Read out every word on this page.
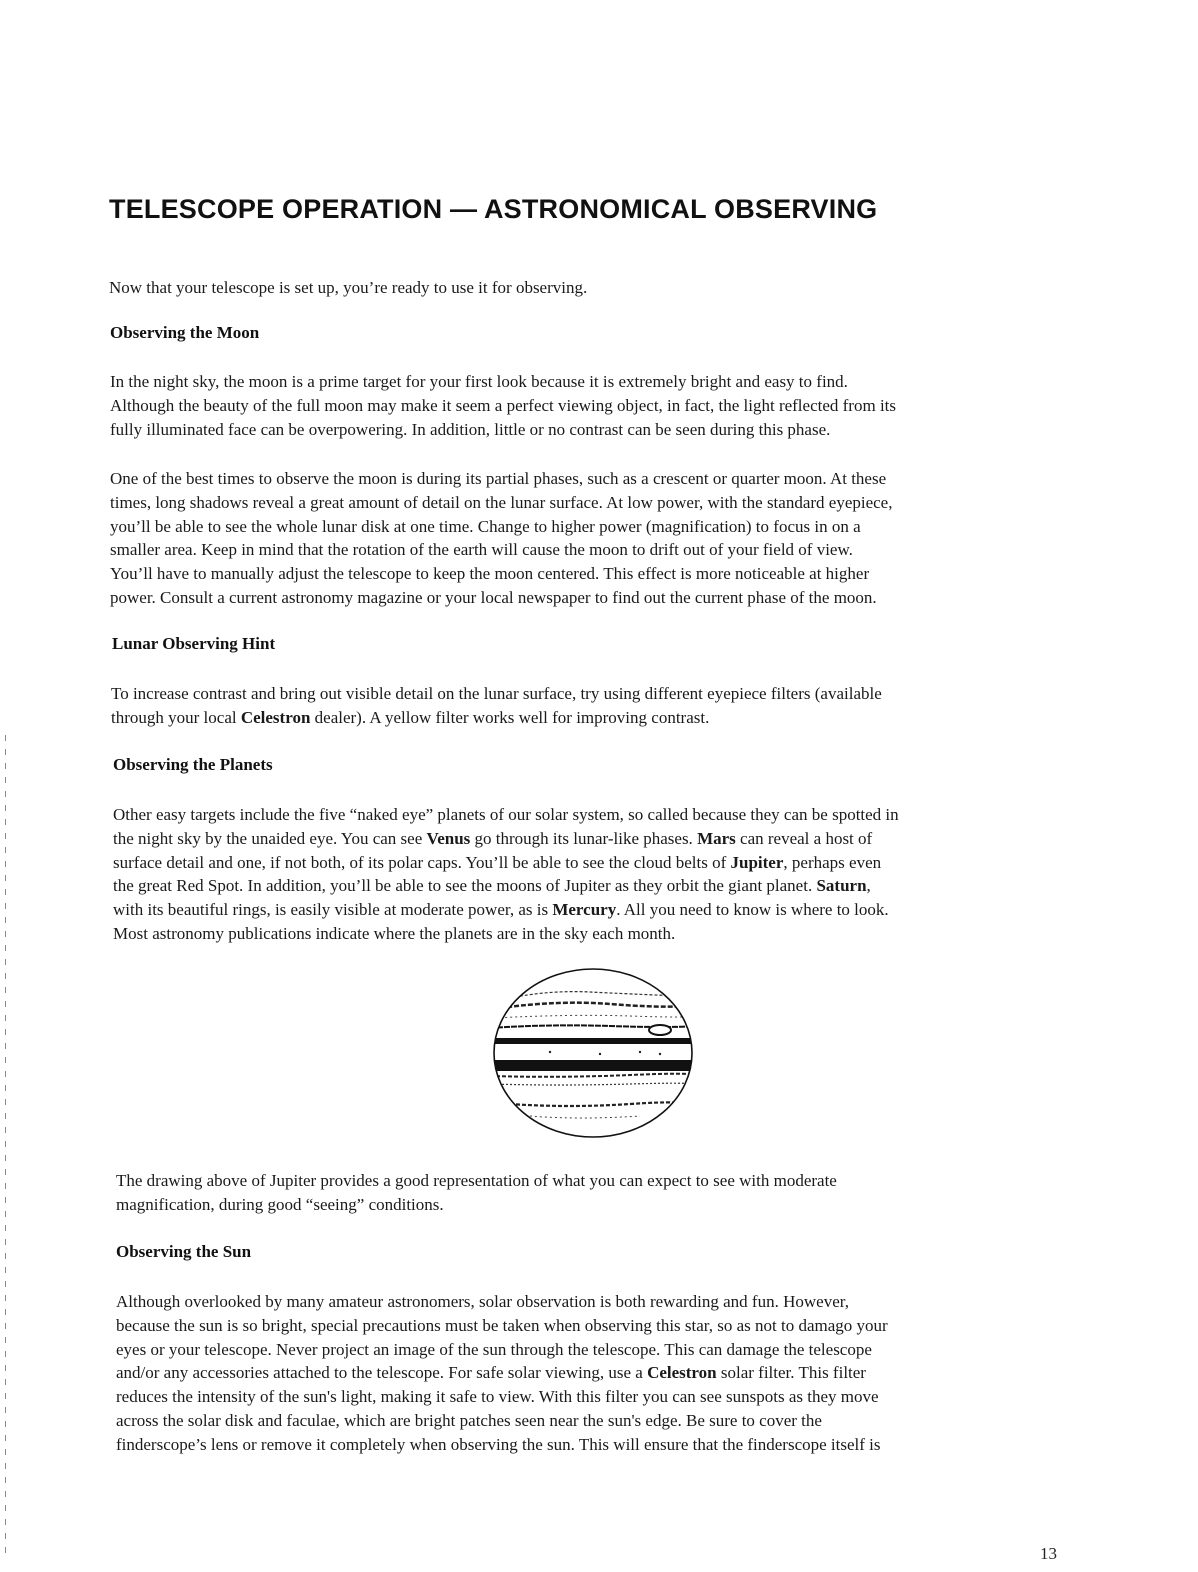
TELESCOPE OPERATION — ASTRONOMICAL OBSERVING

Now that your telescope is set up, you’re ready to use it for observing.

Observing the Moon

In the night sky, the moon is a prime target for your first look because it is extremely bright and easy to find.
Although the beauty of the full moon may make it seem a perfect viewing object, in fact, the light reflected from its
fully illuminated face can be overpowering. In addition, little or no contrast can be seen during this phase.

One of the best times to observe the moon is during its partial phases, such as a crescent or quarter moon. At these
times, long shadows reveal a great amount of detail on the lunar surface. At low power, with the standard eyepiece,
you’ll be able to see the whole lunar disk at one time. Change to higher power (magnification) to focus in on a
smaller area. Keep in mind that the rotation of the earth will cause the moon to drift out of your field of view.
You’ll have to manually adjust the telescope to keep the moon centered. This effect is more noticeable at higher
power. Consult a current astronomy magazine or your local newspaper to find out the current phase of the moon.

Lunar Observing Hint

To increase contrast and bring out visible detail on the lunar surface, try using different eyepiece filters (available
through your local Celestron dealer). A yellow filter works well for improving contrast.

Observing the Planets

Other easy targets include the five “naked eye” planets of our solar system, so called because they can be spotted in
the night sky by the unaided eye. You can see Venus go through its lunar-like phases. Mars can reveal a host of
surface detail and one, if not both, of its polar caps. You’ll be able to see the cloud belts of Jupiter, perhaps even
the great Red Spot. In addition, you’ll be able to see the moons of Jupiter as they orbit the giant planet. Saturn,
with its beautiful rings, is easily visible at moderate power, as is Mercury. All you need to know is where to look.
Most astronomy publications indicate where the planets are in the sky each month.

The drawing above of Jupiter provides a good representation of what you can expect to see with moderate
magnification, during good “seeing” conditions.

Observing the Sun

Although overlooked by many amateur astronomers, solar observation is both rewarding and fun. However,
because the sun is so bright, special precautions must be taken when observing this star, so as not to damago your
eyes or your telescope. Never project an image of the sun through the telescope. This can damage the telescope
and/or any accessories attached to the telescope. For safe solar viewing, use a Celestron solar filter. This filter
reduces the intensity of the sun's light, making it safe to view. With this filter you can see sunspots as they move
across the solar disk and faculae, which are bright patches seen near the sun's edge. Be sure to cover the
finderscope’s lens or remove it completely when observing the sun. This will ensure that the finderscope itself is

13
